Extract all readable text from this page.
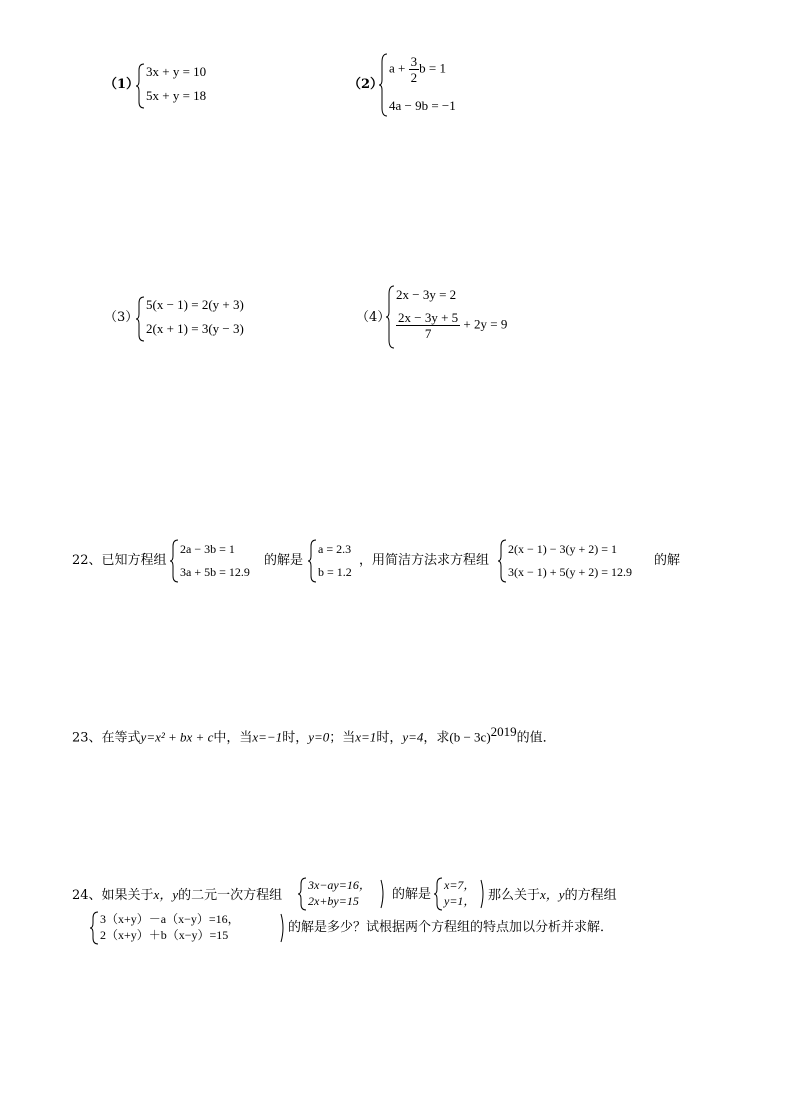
（1）
3x + y = 10
5x + y = 18
（2）
$a + \frac{3}{2}$ b = 1
4a − 9b = −1
（3）
5(x − 1) = 2(y + 3)
2(x + 1) = 3(y − 3)
（4）
2x − 3y = 2
$\frac{2x - 3y + 5}{7} + 2y = 9$
22、已知方程组
2a − 3b = 1
3a + 5b = 12.9
的解是
a = 2.3
b = 1.2
，用简洁方法求方程组
2(x − 1) − 3(y + 2) = 1
3(x − 1) + 5(y + 2) = 12.9
的解
23、在等式y=x² + bx + c中，当x=−1时，y=0；当x=1时，y=4，求$(b - 3c)^{2019}$的值．
24、如果关于x，y的二元一次方程组
3x−ay=16，
2x+by=15	的解是
x=7，
y=1， 那么关于x，y的方程组
3（x+y）－a（x−y）=16，
2（x+y）＋b（x−y）=15	的解是多少？试根据两个方程组的特点加以分析并求解．
